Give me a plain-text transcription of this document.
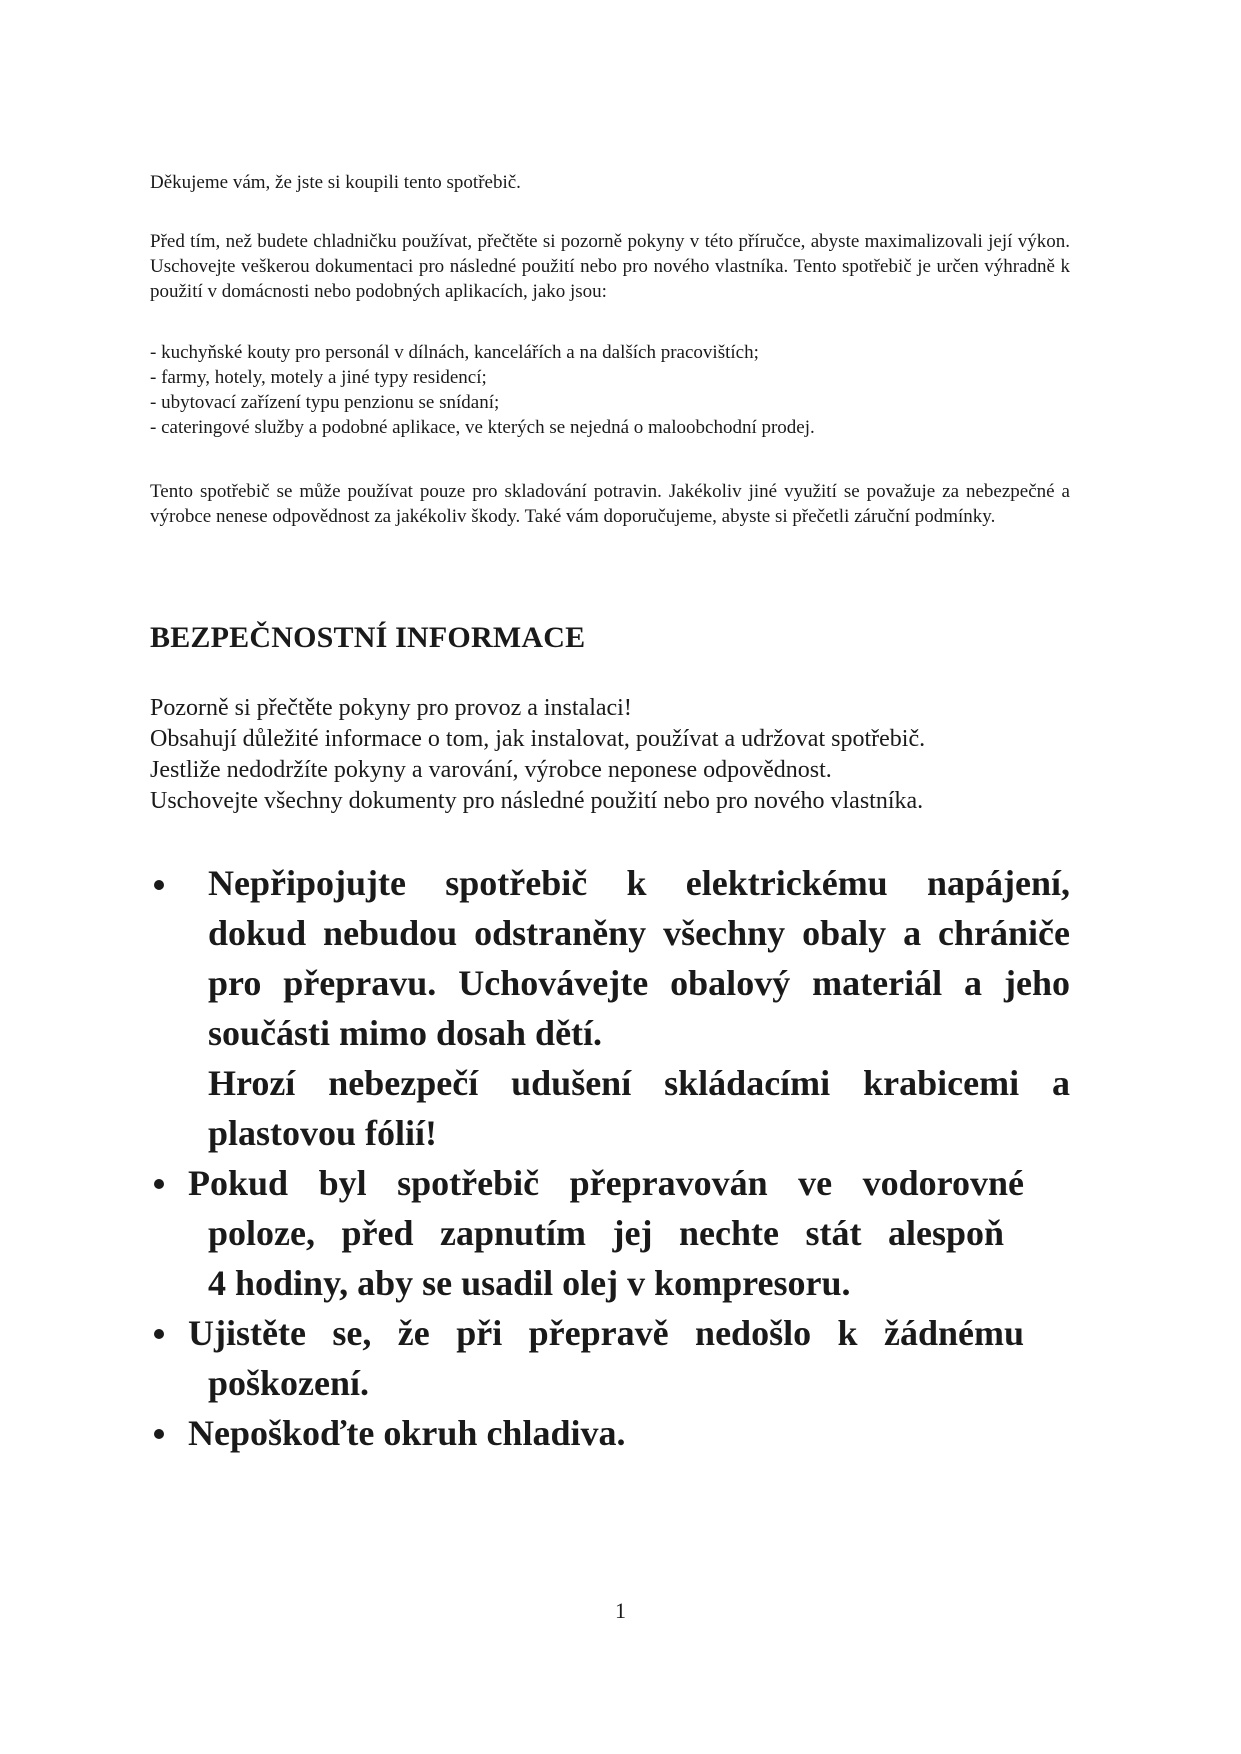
Děkujeme vám, že jste si koupili tento spotřebič.

Před tím, než budete chladničku používat, přečtěte si pozorně pokyny v této příručce, abyste maximalizovali její výkon. Uschovejte veškerou dokumentaci pro následné použití nebo pro nového vlastníka. Tento spotřebič je určen výhradně k použití v domácnosti nebo podobných aplikacích, jako jsou:

- kuchyňské kouty pro personál v dílnách, kancelářích a na dalších pracovištích;
- farmy, hotely, motely a jiné typy residencí;
- ubytovací zařízení typu penzionu se snídaní;
- cateringové služby a podobné aplikace, ve kterých se nejedná o maloobchodní prodej.

Tento spotřebič se může používat pouze pro skladování potravin. Jakékoliv jiné využití se považuje za nebezpečné a výrobce nenese odpovědnost za jakékoliv škody. Také vám doporučujeme, abyste si přečetli záruční podmínky.

BEZPEČNOSTNÍ INFORMACE

Pozorně si přečtěte pokyny pro provoz a instalaci!
Obsahují důležité informace o tom, jak instalovat, používat a udržovat spotřebič.
Jestliže nedodržíte pokyny a varování, výrobce neponese odpovědnost.
Uschovejte všechny dokumenty pro následné použití nebo pro nového vlastníka.

Nepřipojujte spotřebič k elektrickému napájení,
dokud nebudou odstraněny všechny obaly a chrániče
pro přepravu. Uchovávejte obalový materiál a jeho
součásti mimo dosah dětí.
Hrozí nebezpečí udušení skládacími krabicemi a
plastovou fólií!
Pokud byl spotřebič přepravován ve vodorovné
poloze, před zapnutím jej nechte stát alespoň
4 hodiny, aby se usadil olej v kompresoru.
Ujistěte se, že při přepravě nedošlo k žádnému
poškození.
Nepoškoďte okruh chladiva.

1
